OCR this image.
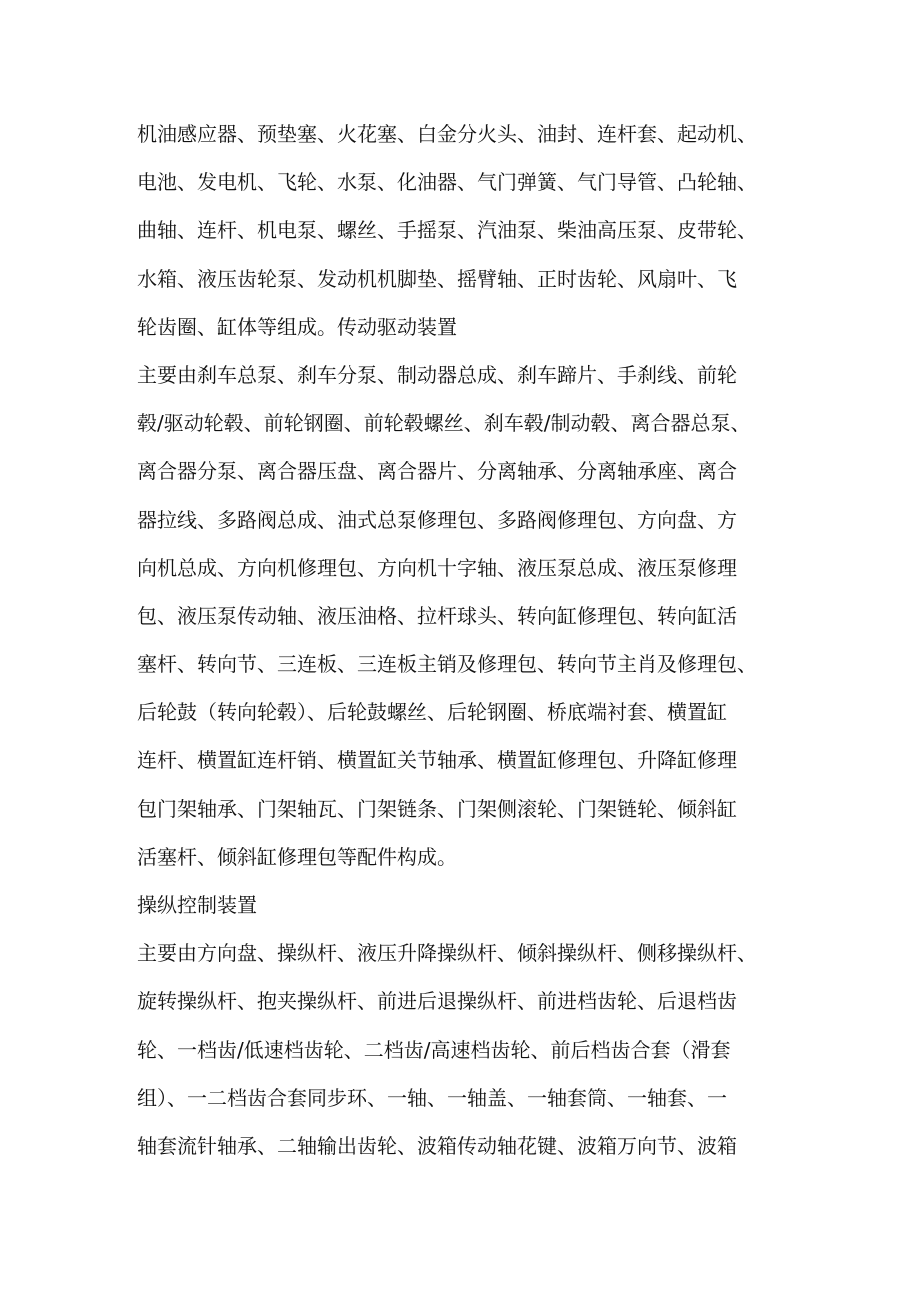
机油感应器、预垫塞、火花塞、白金分火头、油封、连杆套、起动机、
电池、发电机、飞轮、水泵、化油器、气门弹簧、气门导管、凸轮轴、
曲轴、连杆、机电泵、螺丝、手摇泵、汽油泵、柴油高压泵、皮带轮、
水箱、液压齿轮泵、发动机机脚垫、摇臂轴、正时齿轮、风扇叶、飞
轮齿圈、缸体等组成。传动驱动装置
主要由刹车总泵、刹车分泵、制动器总成、刹车蹄片、手刹线、前轮
毂/驱动轮毂、前轮钢圈、前轮毂螺丝、刹车毂/制动毂、离合器总泵、
离合器分泵、离合器压盘、离合器片、分离轴承、分离轴承座、离合
器拉线、多路阀总成、油式总泵修理包、多路阀修理包、方向盘、方
向机总成、方向机修理包、方向机十字轴、液压泵总成、液压泵修理
包、液压泵传动轴、液压油格、拉杆球头、转向缸修理包、转向缸活
塞杆、转向节、三连板、三连板主销及修理包、转向节主肖及修理包、
后轮鼓（转向轮毂）、后轮鼓螺丝、后轮钢圈、桥底端衬套、横置缸
连杆、横置缸连杆销、横置缸关节轴承、横置缸修理包、升降缸修理
包门架轴承、门架轴瓦、门架链条、门架侧滚轮、门架链轮、倾斜缸
活塞杆、倾斜缸修理包等配件构成。
操纵控制装置
主要由方向盘、操纵杆、液压升降操纵杆、倾斜操纵杆、侧移操纵杆、
旋转操纵杆、抱夹操纵杆、前进后退操纵杆、前进档齿轮、后退档齿
轮、一档齿/低速档齿轮、二档齿/高速档齿轮、前后档齿合套（滑套
组）、一二档齿合套同步环、一轴、一轴盖、一轴套筒、一轴套、一
轴套流针轴承、二轴输出齿轮、波箱传动轴花键、波箱万向节、波箱
